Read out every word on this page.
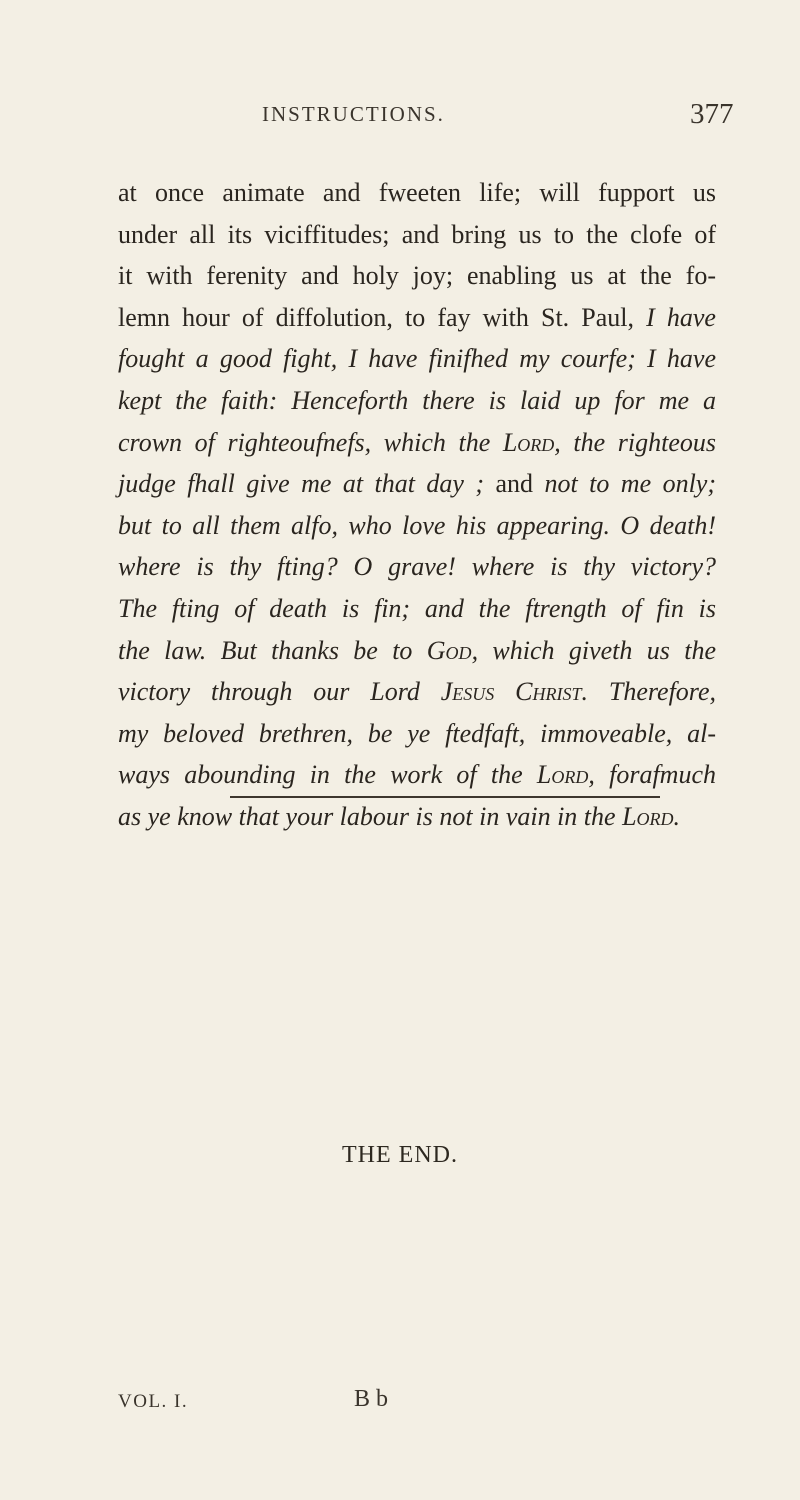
INSTRUCTIONS.	377
at once animate and fweeten life; will fupport us
under all its viciffitudes; and bring us to the clofe of
it with ferenity and holy joy; enabling us at the fo-
lemn hour of diffolution, to fay with St. Paul, I have
fought a good fight, I have finifhed my courfe; I have
kept the faith: Henceforth there is laid up for me a
crown of righteoufnefs, which the Lord, the righteous
judge fhall give me at that day ; and not to me only;
but to all them alfo, who love his appearing. O death!
where is thy fting? O grave! where is thy victory?
The fting of death is fin; and the ftrength of fin is
the law. But thanks be to God, which giveth us the
victory through our Lord Jesus Christ. Therefore,
my beloved brethren, be ye ftedfaft, immoveable, al-
ways abounding in the work of the Lord, forafmuch
as ye know that your labour is not in vain in the Lord.
THE END.
VOL. I.	B b
